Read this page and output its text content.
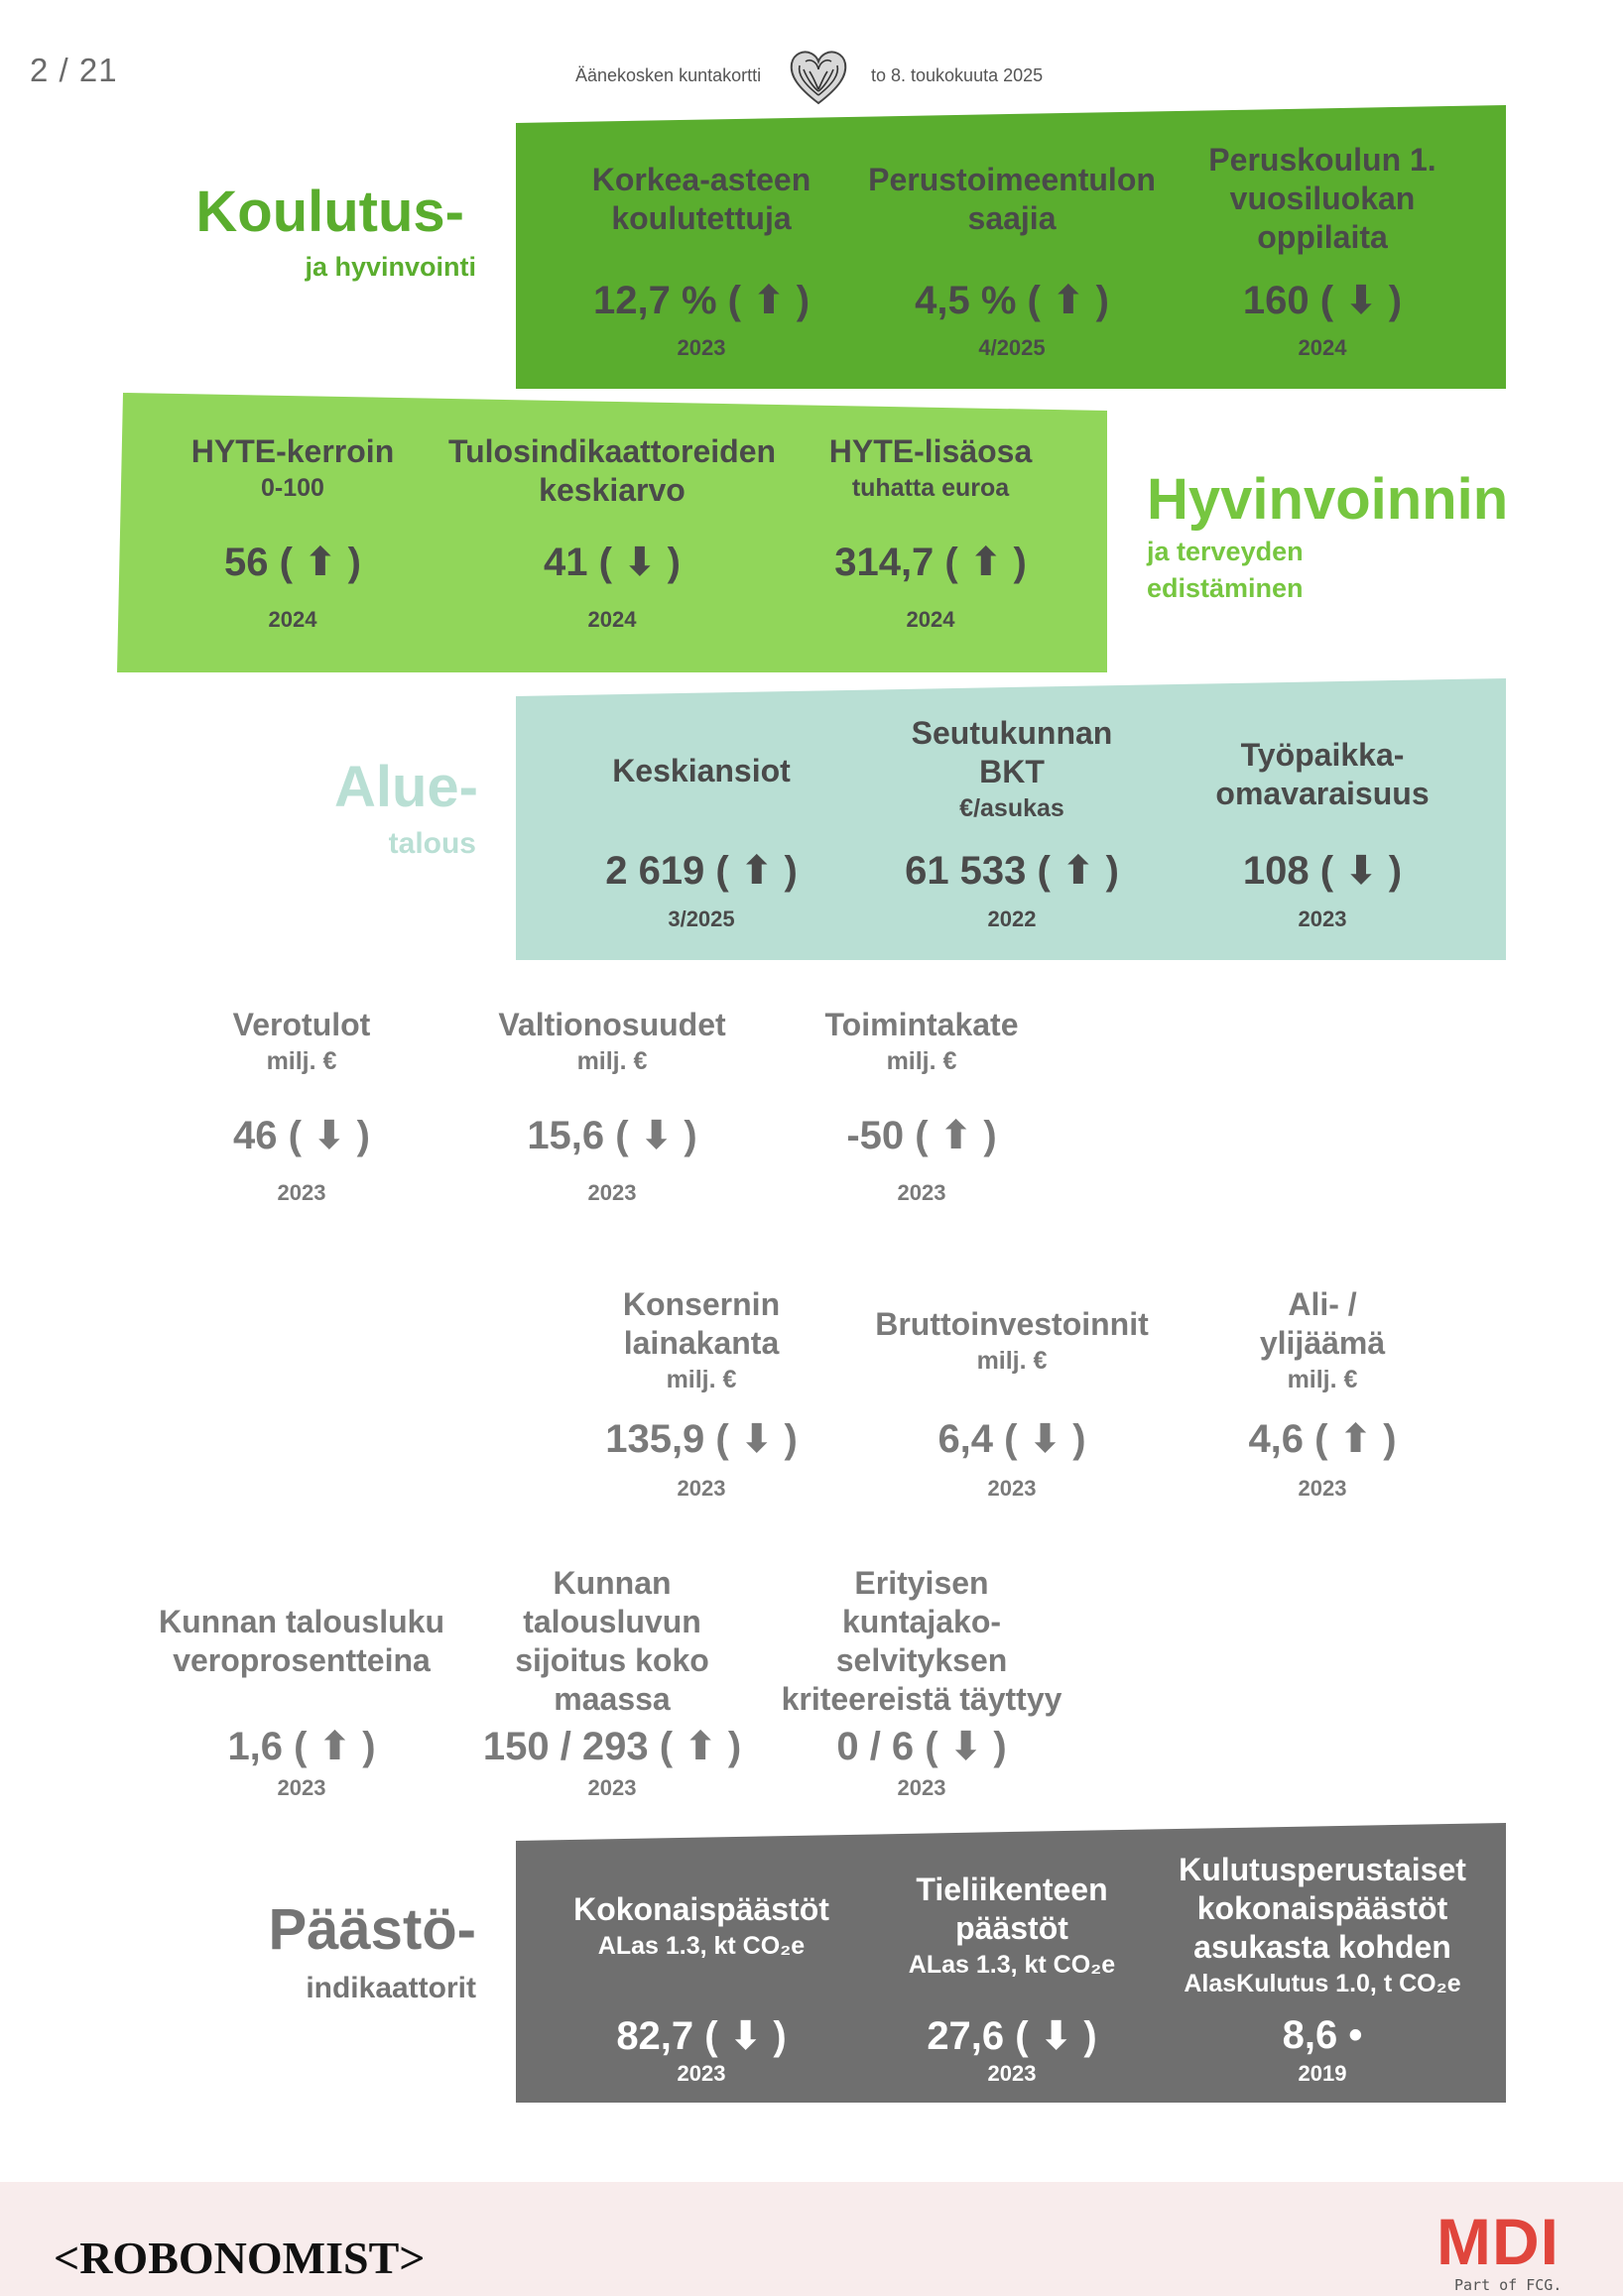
2 / 21	Äänekosken kuntakortti	to 8. toukokuuta 2025
Koulutus-
ja hyvinvointi
Hyvinvoinnin
ja terveyden
edistäminen
Alue-
talous
Päästö-
indikaattorit
Korkea-asteen
koulutettuja
12,7 % ( ⬆ )
2023
Perustoimeentulon
saajia
4,5 % ( ⬆ )
4/2025
Peruskoulun 1.
vuosiluokan
oppilaita
160 ( ⬇ )
2024
HYTE-kerroin
0-100
56 ( ⬆ )
2024
Tulosindikaattoreiden
keskiarvo
41 ( ⬇ )
2024
HYTE-lisäosa
tuhatta euroa
314,7 ( ⬆ )
2024
Keskiansiot
2 619 ( ⬆ )
3/2025
Seutukunnan
BKT
€/asukas
61 533 ( ⬆ )
2022
Työpaikka-
omavaraisuus
108 ( ⬇ )
2023
Verotulot
milj. €
46 ( ⬇ )
2023
Valtionosuudet
milj. €
15,6 ( ⬇ )
2023
Toimintakate
milj. €
-50 ( ⬆ )
2023
Konsernin
lainakanta
milj. €
135,9 ( ⬇ )
2023
Bruttoinvestoinnit
milj. €
6,4 ( ⬇ )
2023
Ali- /
ylijäämä
milj. €
4,6 ( ⬆ )
2023
Kunnan talousluku
veroprosentteina
1,6 ( ⬆ )
2023
Kunnan
talousluvun
sijoitus koko
maassa
150 / 293 ( ⬆ )
2023
Erityisen
kuntajako-
selvityksen
kriteereistä täyttyy
0 / 6 ( ⬇ )
2023
Kokonaispäästöt
ALas 1.3, kt CO₂e
82,7 ( ⬇ )
2023
Tieliikenteen
päästöt
ALas 1.3, kt CO₂e
27,6 ( ⬇ )
2023
Kulutusperustaiset
kokonaispäästöt
asukasta kohden
AlasKulutus 1.0, t CO₂e
8,6 •
2019
<ROBONOMIST>	MDI
Part of FCG.
